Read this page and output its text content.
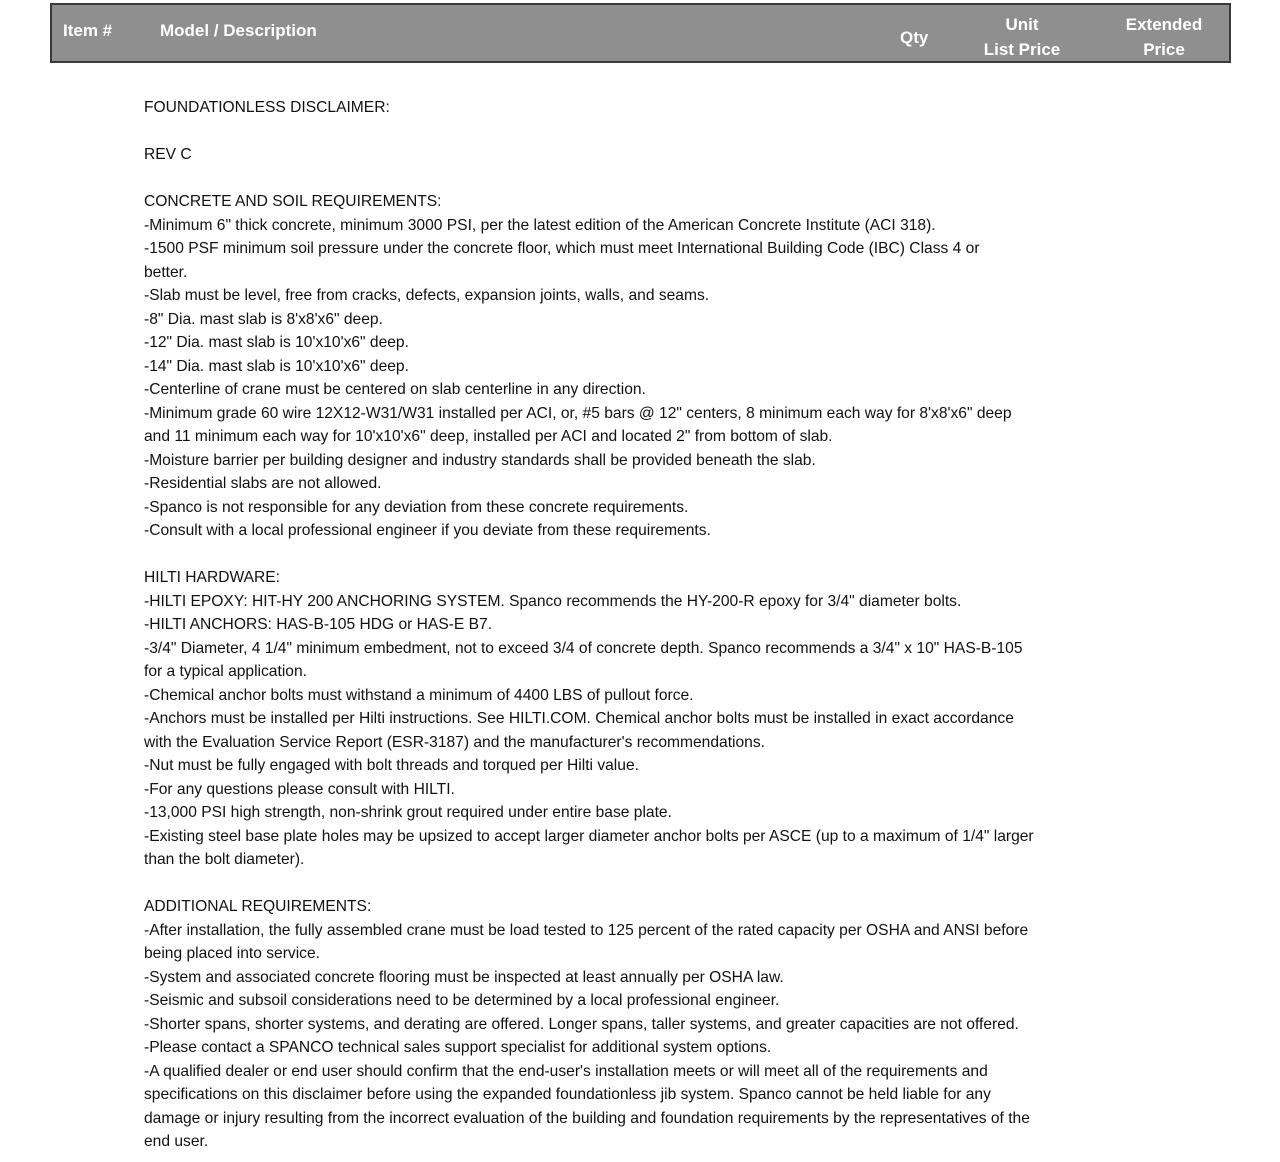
Item #	Model / Description	Qty
Unit
List Price
Extended
Price
FOUNDATIONLESS DISCLAIMER:
REV C
CONCRETE AND SOIL REQUIREMENTS:
-Minimum 6" thick concrete, minimum 3000 PSI, per the latest edition of the American Concrete Institute (ACI 318).
-1500 PSF minimum soil pressure under the concrete floor, which must meet International Building Code (IBC) Class 4 or
better.
-Slab must be level, free from cracks, defects, expansion joints, walls, and seams.
-8" Dia. mast slab is 8'x8'x6" deep.
-12" Dia. mast slab is 10'x10'x6" deep.
-14" Dia. mast slab is 10'x10'x6" deep.
-Centerline of crane must be centered on slab centerline in any direction.
-Minimum grade 60 wire 12X12-W31/W31 installed per ACI, or, #5 bars @ 12" centers, 8 minimum each way for 8'x8'x6" deep
and 11 minimum each way for 10'x10'x6" deep, installed per ACI and located 2" from bottom of slab.
-Moisture barrier per building designer and industry standards shall be provided beneath the slab.
-Residential slabs are not allowed.
-Spanco is not responsible for any deviation from these concrete requirements.
-Consult with a local professional engineer if you deviate from these requirements.
HILTI HARDWARE:
-HILTI EPOXY: HIT-HY 200 ANCHORING SYSTEM. Spanco recommends the HY-200-R epoxy for 3/4" diameter bolts.
-HILTI ANCHORS: HAS-B-105 HDG or HAS-E B7.
-3/4" Diameter, 4 1/4" minimum embedment, not to exceed 3/4 of concrete depth. Spanco recommends a 3/4" x 10" HAS-B-105
for a typical application.
-Chemical anchor bolts must withstand a minimum of 4400 LBS of pullout force.
-Anchors must be installed per Hilti instructions. See HILTI.COM. Chemical anchor bolts must be installed in exact accordance
with the Evaluation Service Report (ESR-3187) and the manufacturer's recommendations.
-Nut must be fully engaged with bolt threads and torqued per Hilti value.
-For any questions please consult with HILTI.
-13,000 PSI high strength, non-shrink grout required under entire base plate.
-Existing steel base plate holes may be upsized to accept larger diameter anchor bolts per ASCE (up to a maximum of 1/4" larger
than the bolt diameter).
ADDITIONAL REQUIREMENTS:
-After installation, the fully assembled crane must be load tested to 125 percent of the rated capacity per OSHA and ANSI before
being placed into service.
-System and associated concrete flooring must be inspected at least annually per OSHA law.
-Seismic and subsoil considerations need to be determined by a local professional engineer.
-Shorter spans, shorter systems, and derating are offered. Longer spans, taller systems, and greater capacities are not offered.
-Please contact a SPANCO technical sales support specialist for additional system options.
-A qualified dealer or end user should confirm that the end-user's installation meets or will meet all of the requirements and
specifications on this disclaimer before using the expanded foundationless jib system. Spanco cannot be held liable for any
damage or injury resulting from the incorrect evaluation of the building and foundation requirements by the representatives of the
end user.
